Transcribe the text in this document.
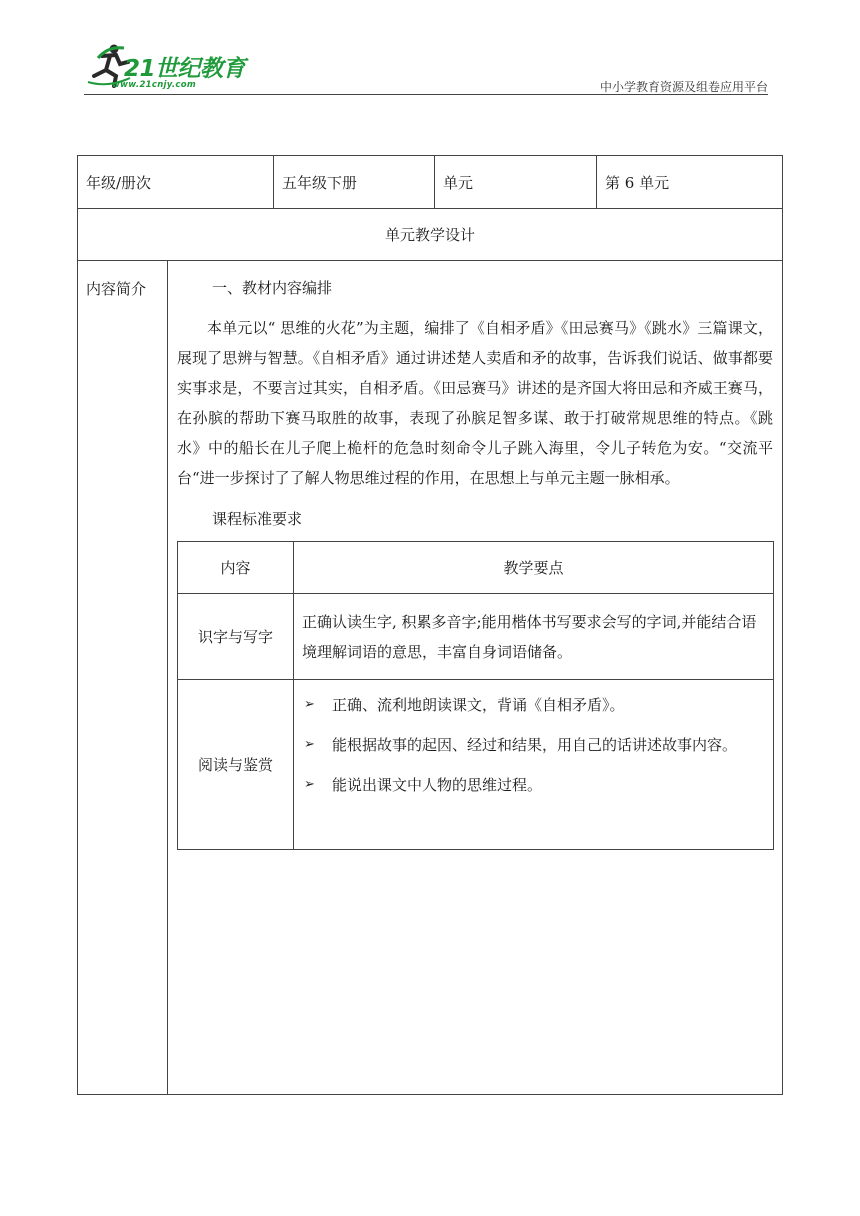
21世纪教育
www.21cnjy.com	中小学教育资源及组卷应用平台
年级/册次	五年级下册	单元	第 6 单元
单元教学设计
内容简介	一、教材内容编排

本单元以“ 思维的火花”为主题，编排了《自相矛盾》《田忌赛马》《跳水》三篇课文，展现了思辨与智慧。《自相矛盾》通过讲述楚人卖盾和矛的故事，告诉我们说话、做事都要实事求是，不要言过其实，自相矛盾。《田忌赛马》讲述的是齐国大将田忌和齐威王赛马，在孙膑的帮助下赛马取胜的故事，表现了孙膑足智多谋、敢于打破常规思维的特点。《跳水》中的船长在儿子爬上桅杆的危急时刻命令儿子跳入海里，令儿子转危为安。“交流平台“进一步探讨了了解人物思维过程的作用，在思想上与单元主题一脉相承。

课程标准要求

内容	教学要点
识字与写字	正确认读生字, 积累多音字;能用楷体书写要求会写的字词,并能结合语境理解词语的意思，丰富自身词语储备。
阅读与鉴赏	
➢ 正确、流利地朗读课文，背诵《自相矛盾》。
➢ 能根据故事的起因、经过和结果，用自己的话讲述故事内容。
➢ 能说出课文中人物的思维过程。
